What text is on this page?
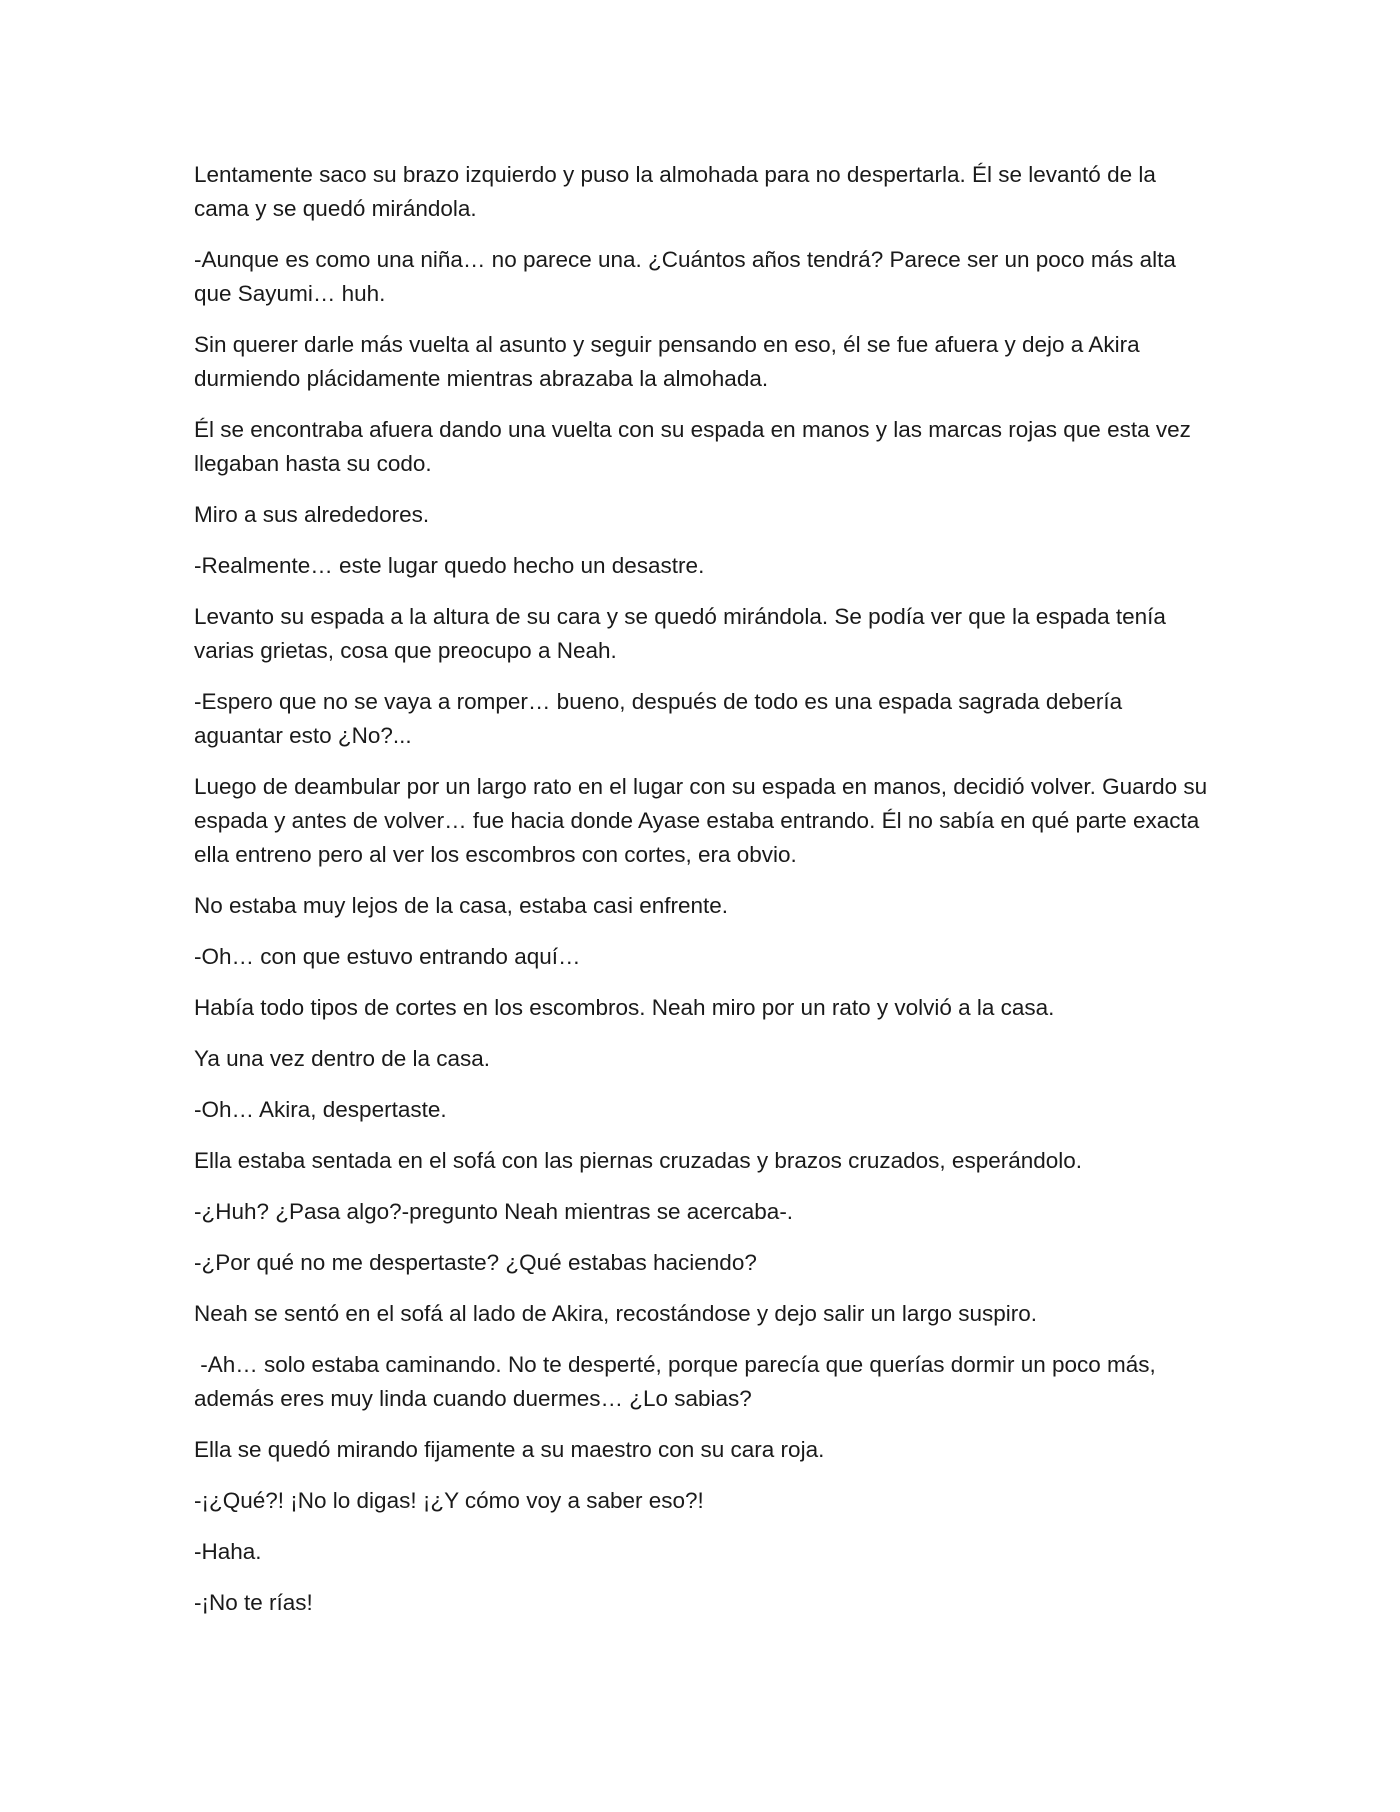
Lentamente saco su brazo izquierdo y puso la almohada para no despertarla. Él se levantó de la cama y se quedó mirándola.

-Aunque es como una niña… no parece una. ¿Cuántos años tendrá? Parece ser un poco más alta que Sayumi… huh.

Sin querer darle más vuelta al asunto y seguir pensando en eso, él se fue afuera y dejo a Akira durmiendo plácidamente mientras abrazaba la almohada.

Él se encontraba afuera dando una vuelta con su espada en manos y las marcas rojas que esta vez llegaban hasta su codo.

Miro a sus alrededores.

-Realmente… este lugar quedo hecho un desastre.

Levanto su espada a la altura de su cara y se quedó mirándola. Se podía ver que la espada tenía varias grietas, cosa que preocupo a Neah.

-Espero que no se vaya a romper… bueno, después de todo es una espada sagrada debería aguantar esto ¿No?...

Luego de deambular por un largo rato en el lugar con su espada en manos, decidió volver. Guardo su espada y antes de volver… fue hacia donde Ayase estaba entrando. Él no sabía en qué parte exacta ella entreno pero al ver los escombros con cortes, era obvio.

No estaba muy lejos de la casa, estaba casi enfrente.

-Oh… con que estuvo entrando aquí…

Había todo tipos de cortes en los escombros. Neah miro por un rato y volvió a la casa.

Ya una vez dentro de la casa.

-Oh… Akira, despertaste.

Ella estaba sentada en el sofá con las piernas cruzadas y brazos cruzados, esperándolo.

-¿Huh? ¿Pasa algo?-pregunto Neah mientras se acercaba-.

-¿Por qué no me despertaste? ¿Qué estabas haciendo?

Neah se sentó en el sofá al lado de Akira, recostándose y dejo salir un largo suspiro.

-Ah… solo estaba caminando. No te desperté, porque parecía que querías dormir un poco más, además eres muy linda cuando duermes… ¿Lo sabias?

Ella se quedó mirando fijamente a su maestro con su cara roja.

-¡¿Qué?! ¡No lo digas! ¡¿Y cómo voy a saber eso?!

-Haha.

-¡No te rías!
